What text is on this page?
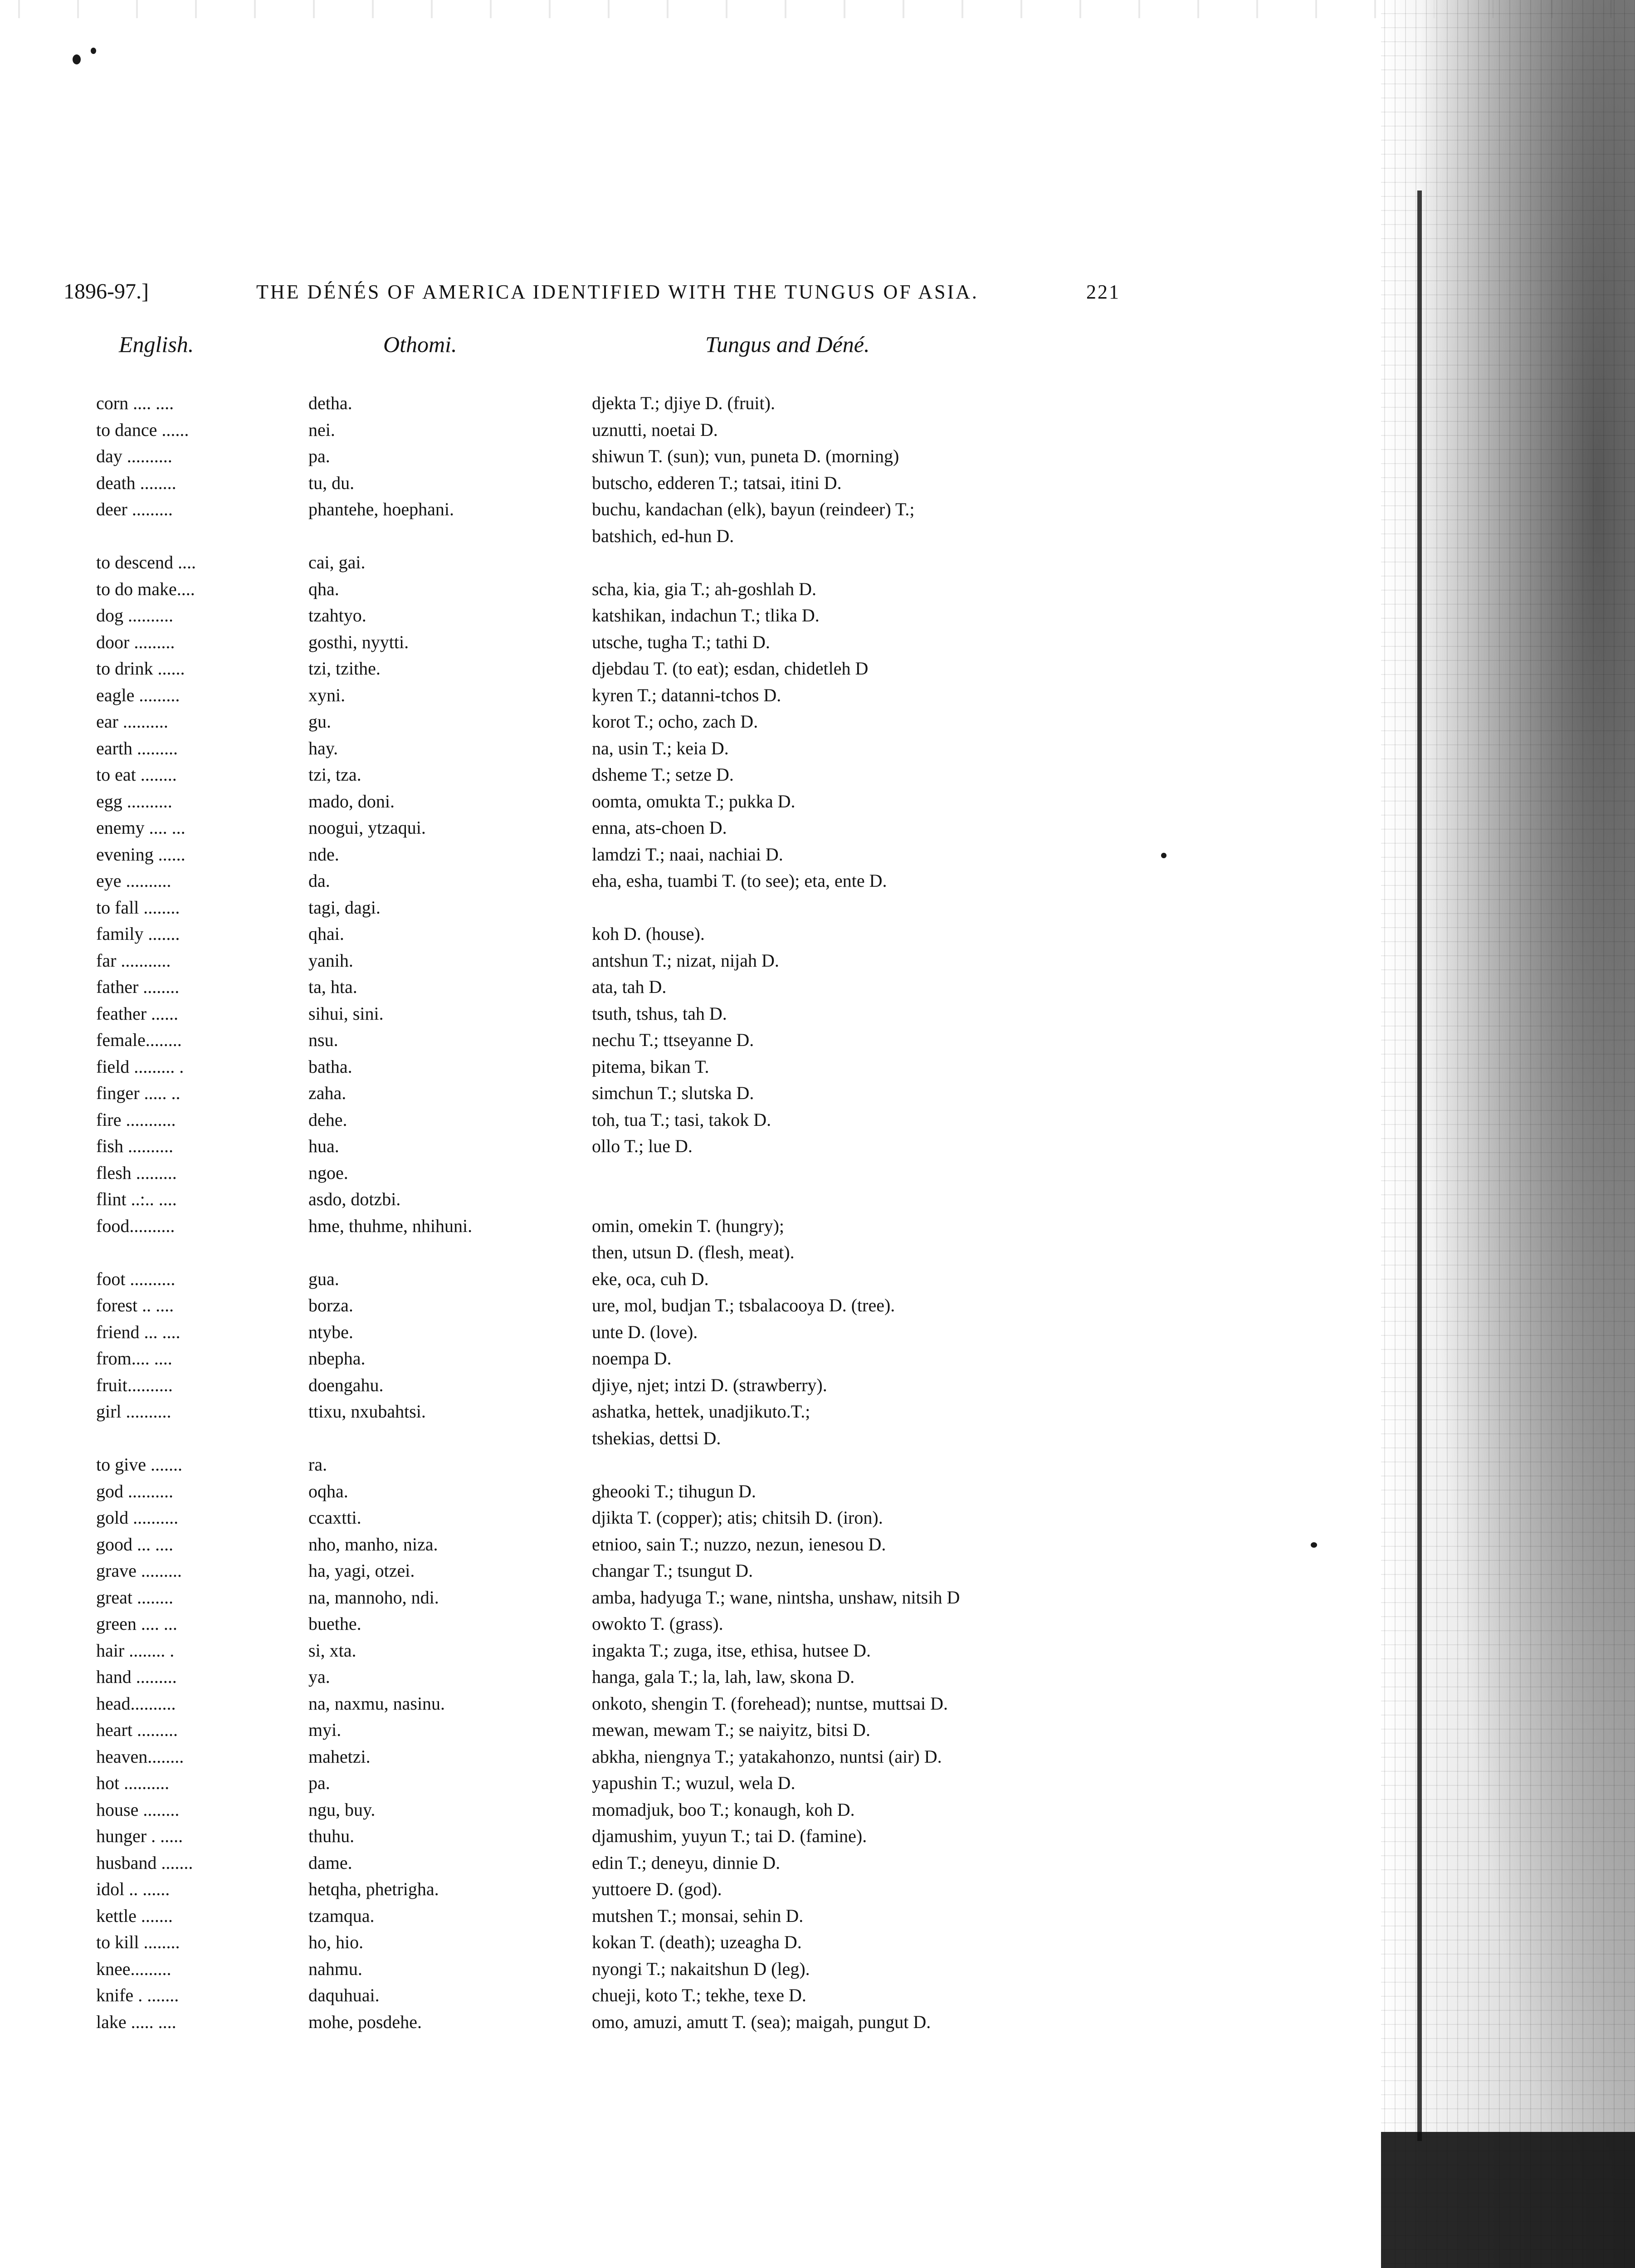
1896-97.]	THE DÉNÉS OF AMERICA IDENTIFIED WITH THE TUNGUS OF ASIA.	221
English.	Othomi.	Tungus and Déné.
corn .... ....	detha.	djekta T.; djiye D. (fruit).
to dance ......	nei.	uznutti, noetai D.
day ..........	pa.	shiwun T. (sun); vun, puneta D. (morning)
death ........	tu, du.	butscho, edderen T.; tatsai, itini D.
deer .........	phantehe, hoephani.	buchu, kandachan (elk), bayun (reindeer) T.;
batshich, ed-hun D.
to descend ....	cai, gai.
to do make....	qha.	scha, kia, gia T.; ah-goshlah D.
dog ..........	tzahtyo.	katshikan, indachun T.; tlika D.
door .........	gosthi, nyytti.	utsche, tugha T.; tathi D.
to drink ......	tzi, tzithe.	djebdau T. (to eat); esdan, chidetleh D
eagle .........	xyni.	kyren T.; datanni-tchos D.
ear ..........	gu.	korot T.; ocho, zach D.
earth .........	hay.	na, usin T.; keia D.
to eat ........	tzi, tza.	dsheme T.; setze D.
egg ..........	mado, doni.	oomta, omukta T.; pukka D.
enemy .... ...	noogui, ytzaqui.	enna, ats-choen D.
evening ......	nde.	lamdzi T.; naai, nachiai D.
eye ..........	da.	eha, esha, tuambi T. (to see); eta, ente D.
to fall ........	tagi, dagi.
family .......	qhai.	koh D. (house).
far ...........	yanih.	antshun T.; nizat, nijah D.
father ........	ta, hta.	ata, tah D.
feather ......	sihui, sini.	tsuth, tshus, tah D.
female........	nsu.	nechu T.; ttseyanne D.
field ......... .	batha.	pitema, bikan T.
finger ..... ..	zaha.	simchun T.; slutska D.
fire ...........	dehe.	toh, tua T.; tasi, takok D.
fish ..........	hua.	ollo T.; lue D.
flesh .........	ngoe.
flint ..:.. ....	asdo, dotzbi.
food..........	hme, thuhme, nhihuni.	omin, omekin T. (hungry);
then, utsun D. (flesh, meat).
foot ..........	gua.	eke, oca, cuh D.
forest .. ....	borza.	ure, mol, budjan T.; tsbalacooya D. (tree).
friend ... ....	ntybe.	unte D. (love).
from.... ....	nbepha.	noempa D.
fruit..........	doengahu.	djiye, njet; intzi D. (strawberry).
girl ..........	ttixu, nxubahtsi.	ashatka, hettek, unadjikuto.T.;
tshekias, dettsi D.
to give .......	ra.
god ..........	oqha.	gheooki T.; tihugun D.
gold ..........	ccaxtti.	djikta T. (copper); atis; chitsih D. (iron).
good ... ....	nho, manho, niza.	etnioo, sain T.; nuzzo, nezun, ienesou D.
grave .........	ha, yagi, otzei.	changar T.; tsungut D.
great ........	na, mannoho, ndi.	amba, hadyuga T.; wane, nintsha, unshaw, nitsih D
green .... ...	buethe.	owokto T. (grass).
hair ........ .	si, xta.	ingakta T.; zuga, itse, ethisa, hutsee D.
hand .........	ya.	hanga, gala T.; la, lah, law, skona D.
head..........	na, naxmu, nasinu.	onkoto, shengin T. (forehead); nuntse, muttsai D.
heart .........	myi.	mewan, mewam T.; se naiyitz, bitsi D.
heaven........	mahetzi.	abkha, niengnya T.; yatakahonzo, nuntsi (air) D.
hot ..........	pa.	yapushin T.; wuzul, wela D.
house ........	ngu, buy.	momadjuk, boo T.; konaugh, koh D.
hunger . .....	thuhu.	djamushim, yuyun T.; tai D. (famine).
husband .......	dame.	edin T.; deneyu, dinnie D.
idol .. ......	hetqha, phetrigha.	yuttoere D. (god).
kettle .......	tzamqua.	mutshen T.; monsai, sehin D.
to kill ........	ho, hio.	kokan T. (death); uzeagha D.
knee.........	nahmu.	nyongi T.; nakaitshun D (leg).
knife . .......	daquhuai.	chueji, koto T.; tekhe, texe D.
lake ..... ....	mohe, posdehe.	omo, amuzi, amutt T. (sea); maigah, pungut D.
